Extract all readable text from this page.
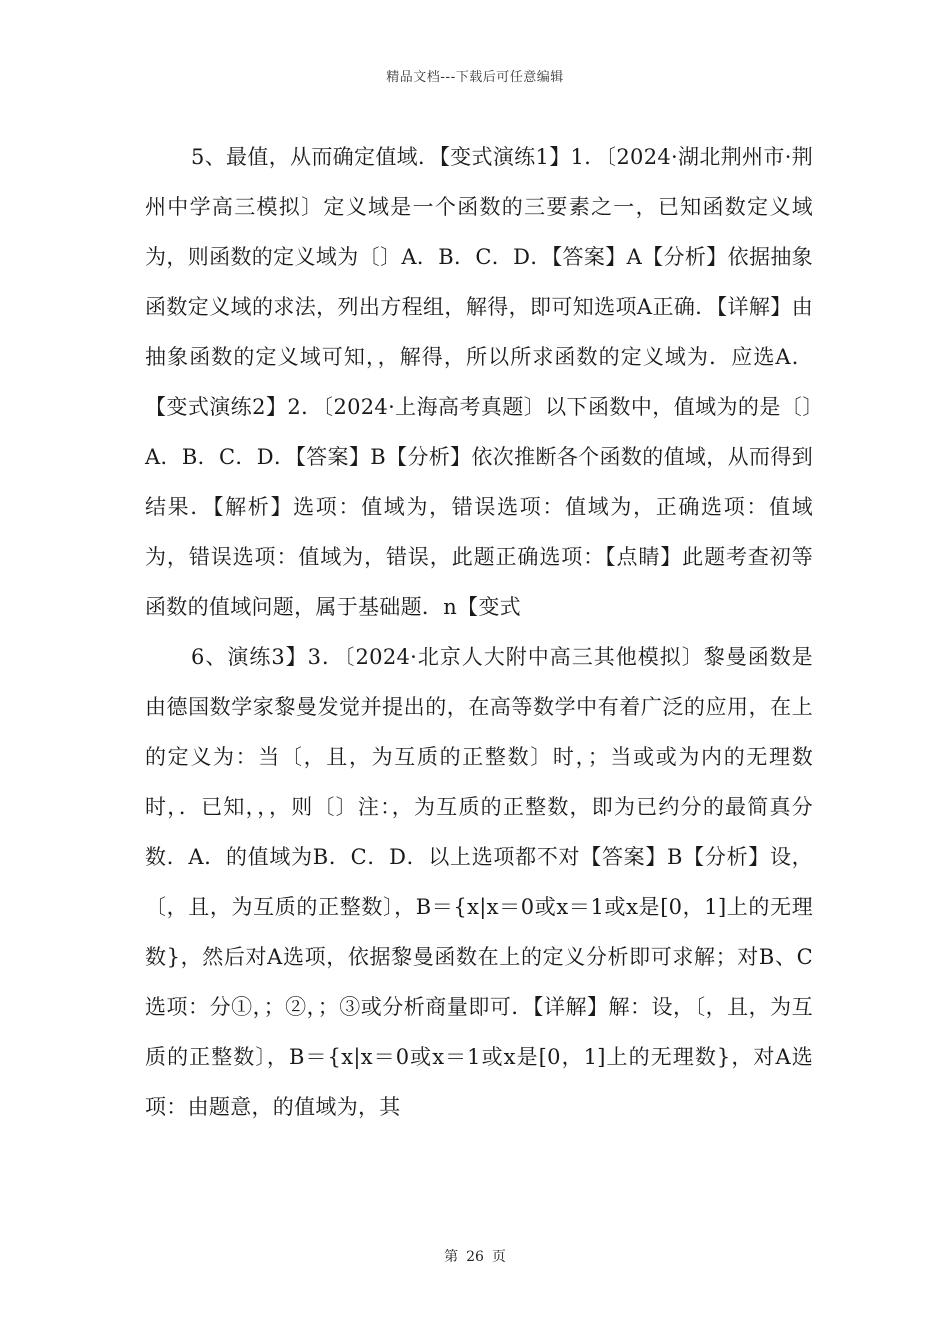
精品文档---下载后可任意编辑

5、最值，从而确定值域．【变式演练1】1．〔2024·湖北荆州市·荆州中学高三模拟〕定义域是一个函数的三要素之一，已知函数定义域为，则函数的定义域为〔〕A．B．C．D．【答案】A【分析】依据抽象函数定义域的求法，列出方程组，解得，即可知选项A正确．【详解】由抽象函数的定义域可知，，解得，所以所求函数的定义域为．应选A．【变式演练2】2．〔2024·上海高考真题〕以下函数中，值域为的是〔〕A．B．C．D．【答案】B【分析】依次推断各个函数的值域，从而得到结果．【解析】选项：值域为，错误选项：值域为，正确选项：值域为，错误选项：值域为，错误，此题正确选项：【点睛】此题考查初等函数的值域问题，属于基础题．n【变式

6、演练3】3．〔2024·北京人大附中高三其他模拟〕黎曼函数是由德国数学家黎曼发觉并提出的，在高等数学中有着广泛的应用，在上的定义为：当〔，且，为互质的正整数〕时，；当或或为内的无理数时，．已知，，，则〔〕注：，为互质的正整数，即为已约分的最简真分数．A．的值域为B．C．D．以上选项都不对【答案】B【分析】设，〔，且，为互质的正整数〕，B＝{x|x＝0或x＝1或x是[0，1]上的无理数}，然后对A选项，依据黎曼函数在上的定义分析即可求解；对B、C选项：分①，；②，；③或分析商量即可．【详解】解：设，〔，且，为互质的正整数〕，B＝{x|x＝0或x＝1或x是[0，1]上的无理数}，对A选项：由题意，的值域为，其

第 26 页
